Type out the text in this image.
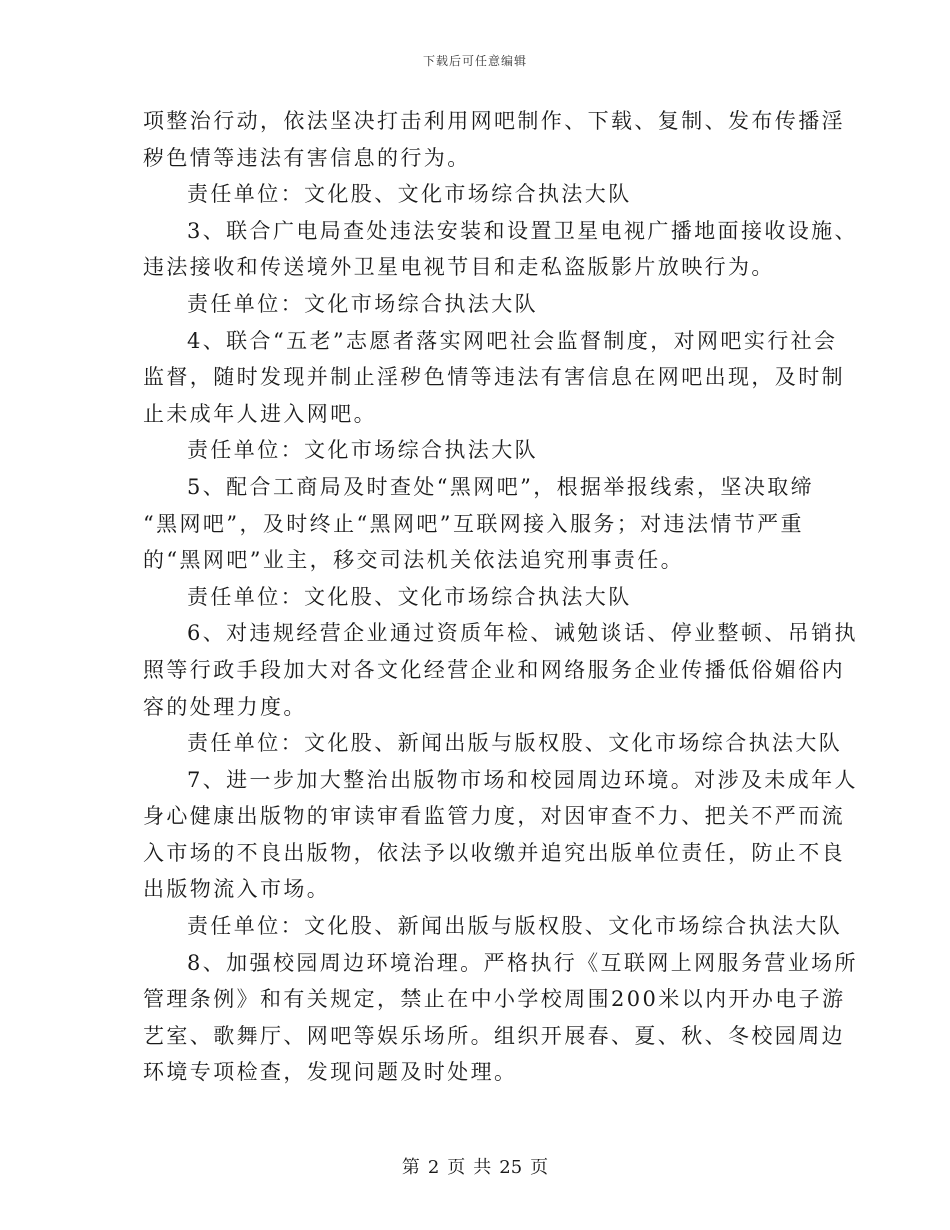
下载后可任意编辑
项整治行动，依法坚决打击利用网吧制作、下载、复制、发布传播淫
秽色情等违法有害信息的行为。
责任单位：文化股、文化市场综合执法大队
3、联合广电局查处违法安装和设置卫星电视广播地面接收设施、
违法接收和传送境外卫星电视节目和走私盗版影片放映行为。
责任单位：文化市场综合执法大队
4、联合“五老”志愿者落实网吧社会监督制度，对网吧实行社会
监督，随时发现并制止淫秽色情等违法有害信息在网吧出现，及时制
止未成年人进入网吧。
责任单位：文化市场综合执法大队
5、配合工商局及时查处“黑网吧”，根据举报线索，坚决取缔
“黑网吧”，及时终止“黑网吧”互联网接入服务；对违法情节严重
的“黑网吧”业主，移交司法机关依法追究刑事责任。
责任单位：文化股、文化市场综合执法大队
6、对违规经营企业通过资质年检、诫勉谈话、停业整顿、吊销执
照等行政手段加大对各文化经营企业和网络服务企业传播低俗媚俗内
容的处理力度。
责任单位：文化股、新闻出版与版权股、文化市场综合执法大队
7、进一步加大整治出版物市场和校园周边环境。对涉及未成年人
身心健康出版物的审读审看监管力度，对因审查不力、把关不严而流
入市场的不良出版物，依法予以收缴并追究出版单位责任，防止不良
出版物流入市场。
责任单位：文化股、新闻出版与版权股、文化市场综合执法大队
8、加强校园周边环境治理。严格执行《互联网上网服务营业场所
管理条例》和有关规定，禁止在中小学校周围200米以内开办电子游
艺室、歌舞厅、网吧等娱乐场所。组织开展春、夏、秋、冬校园周边
环境专项检查，发现问题及时处理。
第 2 页 共 25 页
